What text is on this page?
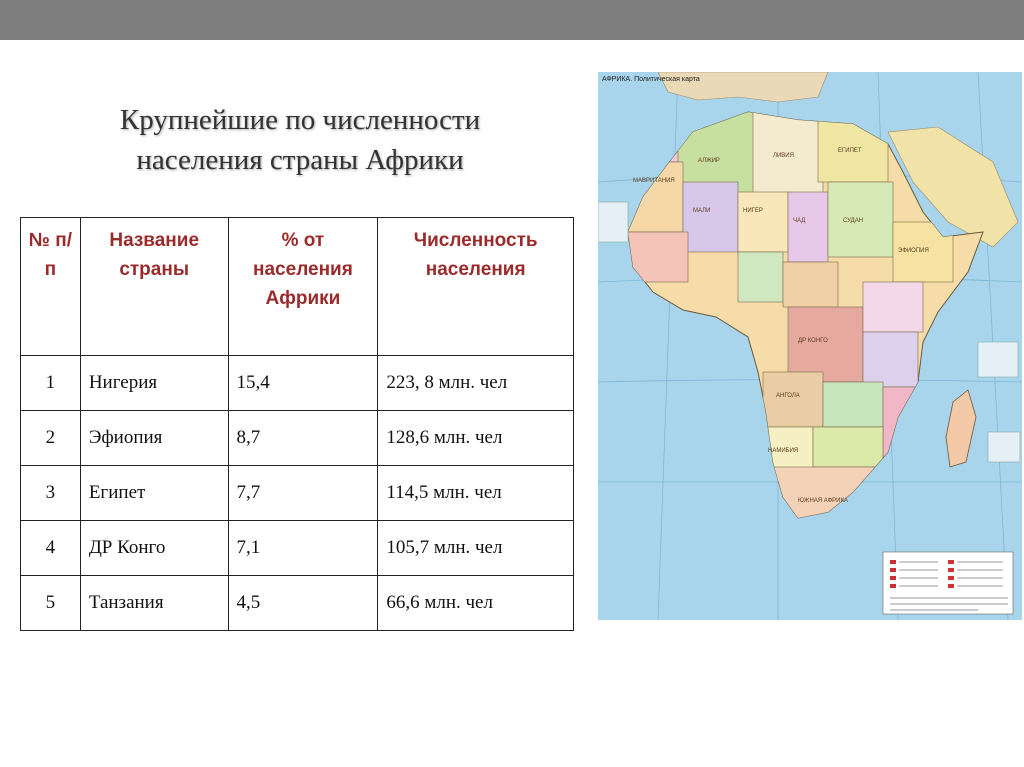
Крупнейшие по численности
населения страны Африки
№ п/п	Название страны	% от населения Африки	Численность населения
1	Нигерия	15,4	223, 8 млн. чел
2	Эфиопия	8,7	128,6 млн. чел
3	Египет	7,7	114,5 млн. чел
4	ДР Конго	7,1	105,7 млн. чел
5	Танзания	4,5	66,6 млн. чел
АФРИКА. Политическая карта
ЛИВИЯ
ЕГИПЕТ
СУДАН
ЭФИОПИЯ
ДР КОНГО
АНГОЛА
ЧАД
НИГЕР
АЛЖИР
МАЛИ
МАВРИТАНИЯ
НАМИБИЯ
ЮЖНАЯ АФРИКА
